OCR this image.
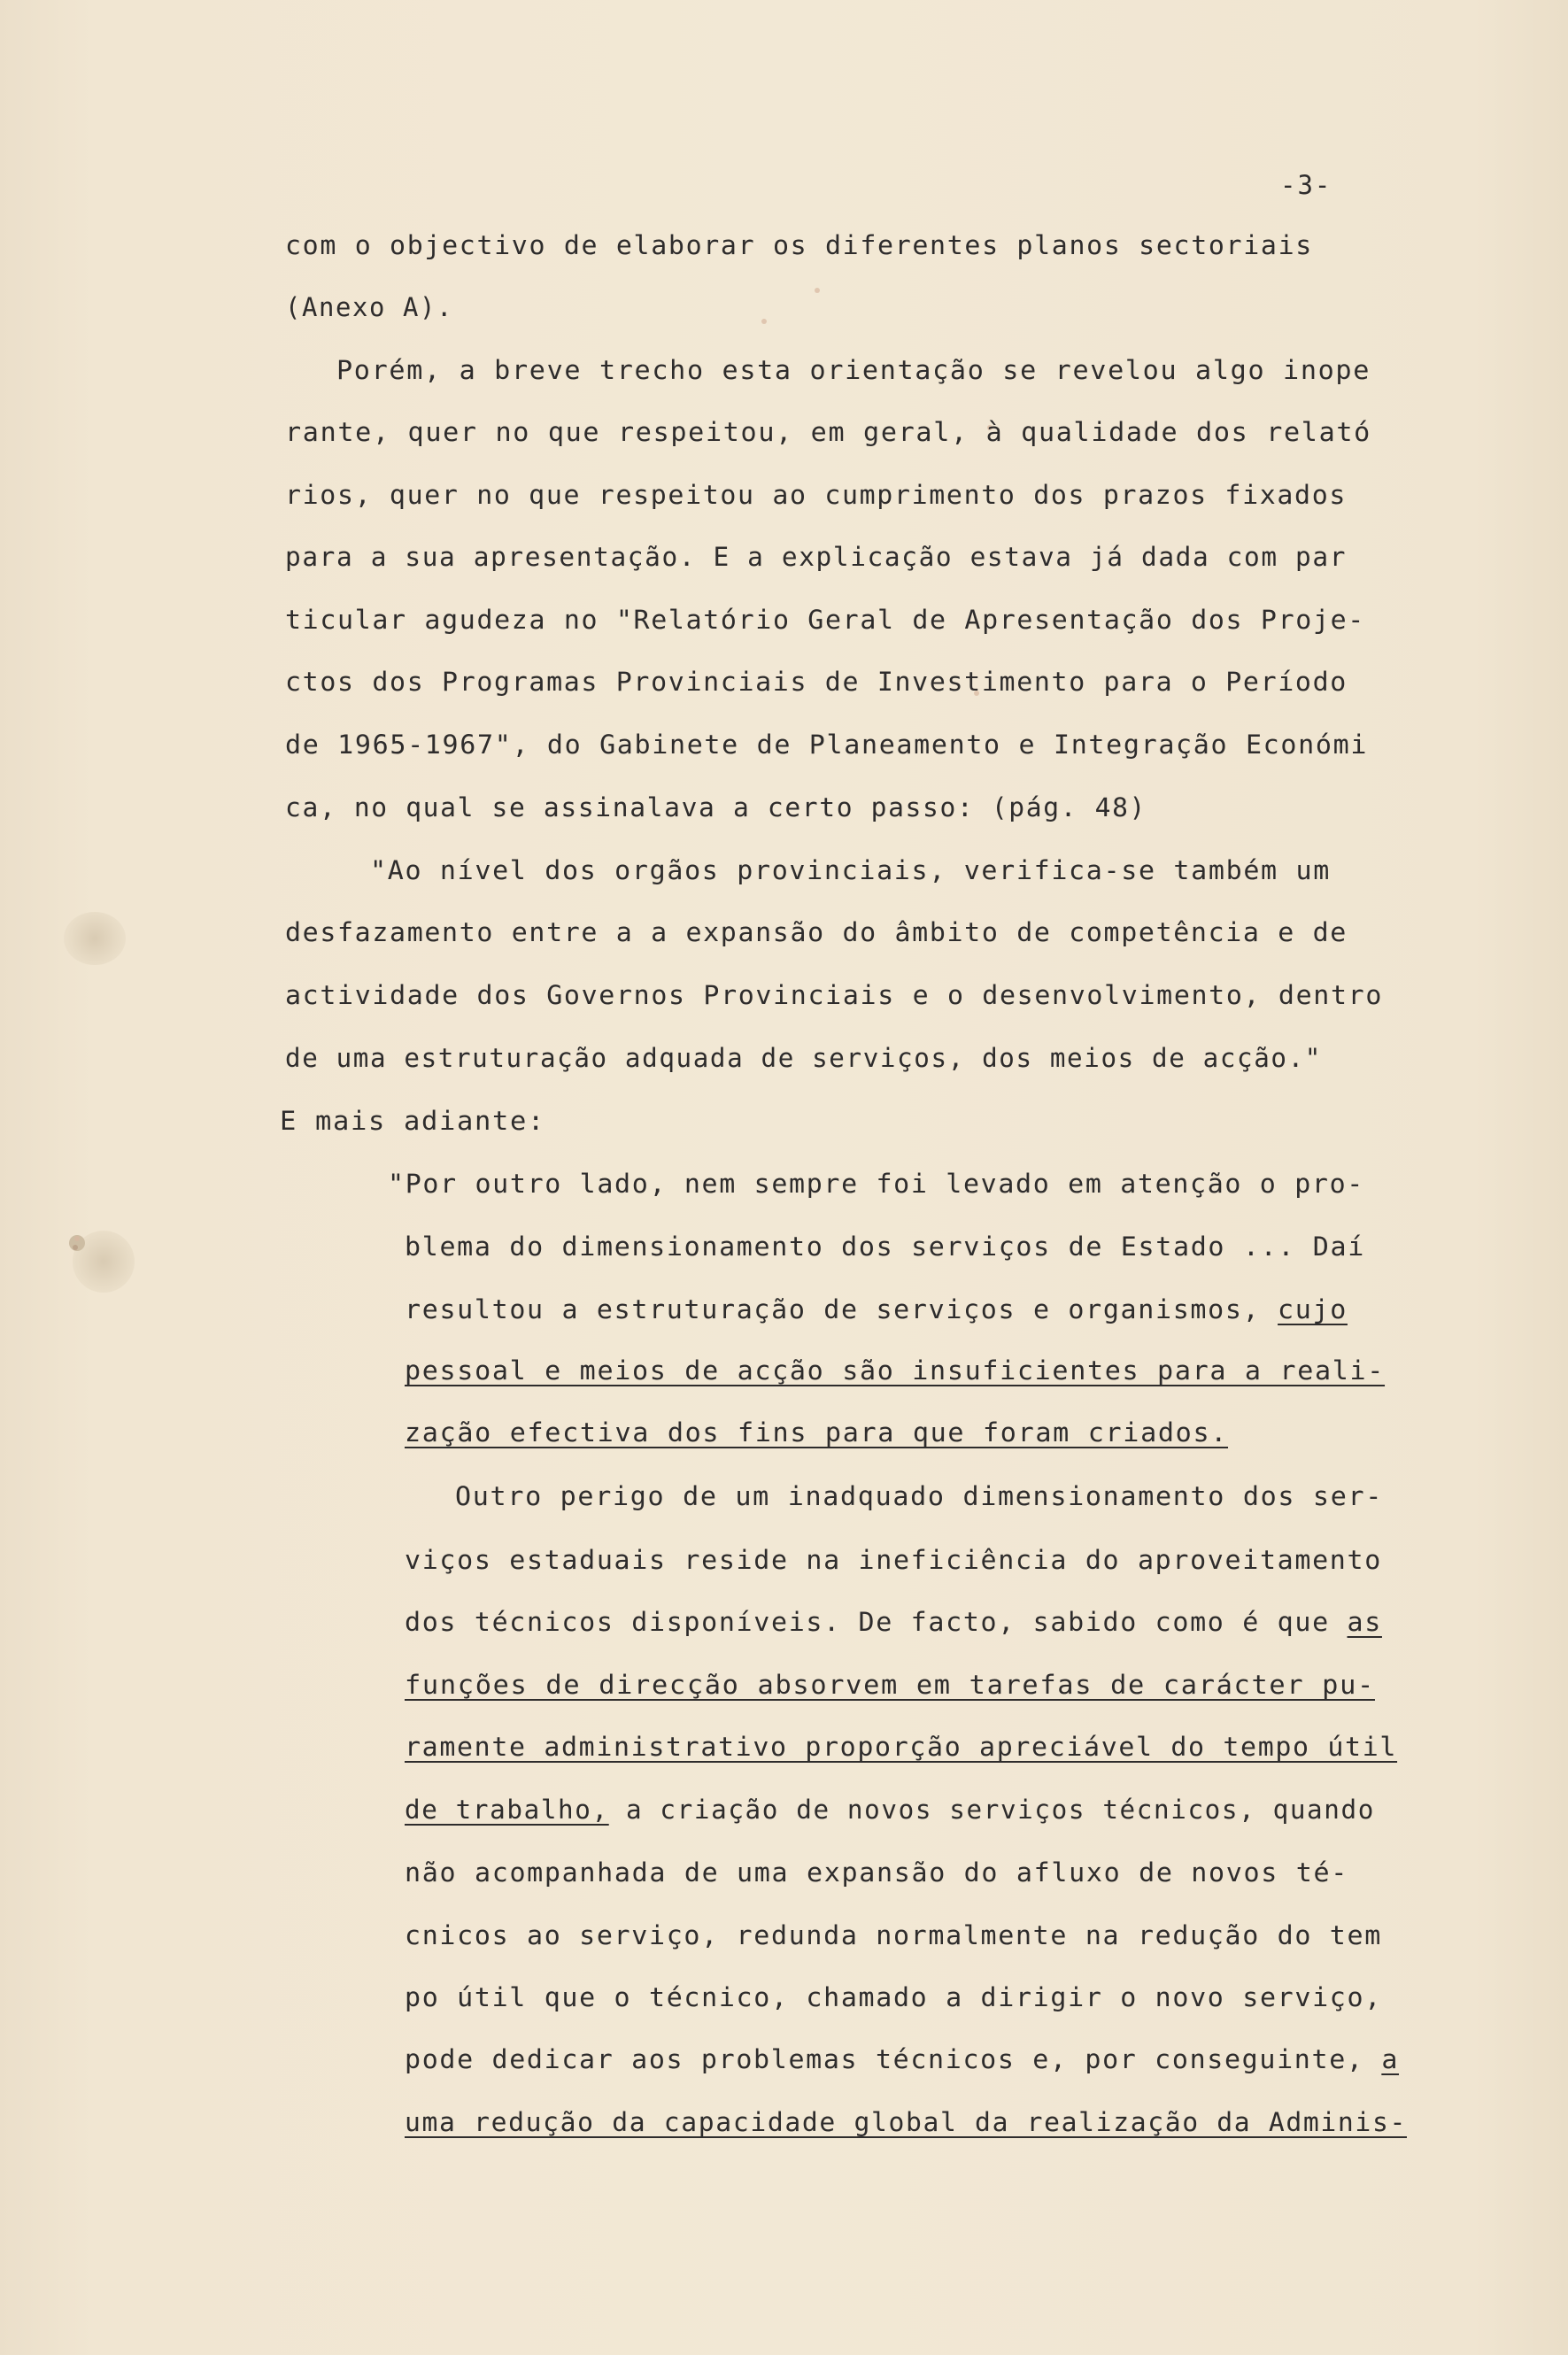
-3-
com o objectivo de elaborar os diferentes planos sectoriais
(Anexo A).
Porém, a breve trecho esta orientação se revelou algo inope
rante, quer no que respeitou, em geral, à qualidade dos relató
rios, quer no que respeitou ao cumprimento dos prazos fixados
para a sua apresentação. E a explicação estava já dada com par
ticular agudeza no "Relatório Geral de Apresentação dos Proje-
ctos dos Programas Provinciais de Investimento para o Período
de 1965-1967", do Gabinete de Planeamento e Integração Económi
ca, no qual se assinalava a certo passo: (pág. 48)
"Ao nível dos orgãos provinciais, verifica-se também um
desfazamento entre a a expansão do âmbito de competência e de
actividade dos Governos Provinciais e o desenvolvimento, dentro
de uma estruturação adquada de serviços, dos meios de acção."
E mais adiante:
"Por outro lado, nem sempre foi levado em atenção o pro-
blema do dimensionamento dos serviços de Estado ... Daí
resultou a estruturação de serviços e organismos, cujo
pessoal e meios de acção são insuficientes para a reali-
zação efectiva dos fins para que foram criados.
Outro perigo de um inadquado dimensionamento dos ser-
viços estaduais reside na ineficiência do aproveitamento
dos técnicos disponíveis. De facto, sabido como é que as
funções de direcção absorvem em tarefas de carácter pu-
ramente administrativo proporção apreciável do tempo útil
de trabalho, a criação de novos serviços técnicos, quando
não acompanhada de uma expansão do afluxo de novos té-
cnicos ao serviço, redunda normalmente na redução do tem
po útil que o técnico, chamado a dirigir o novo serviço,
pode dedicar aos problemas técnicos e, por conseguinte, a
uma redução da capacidade global da realização da Adminis-
